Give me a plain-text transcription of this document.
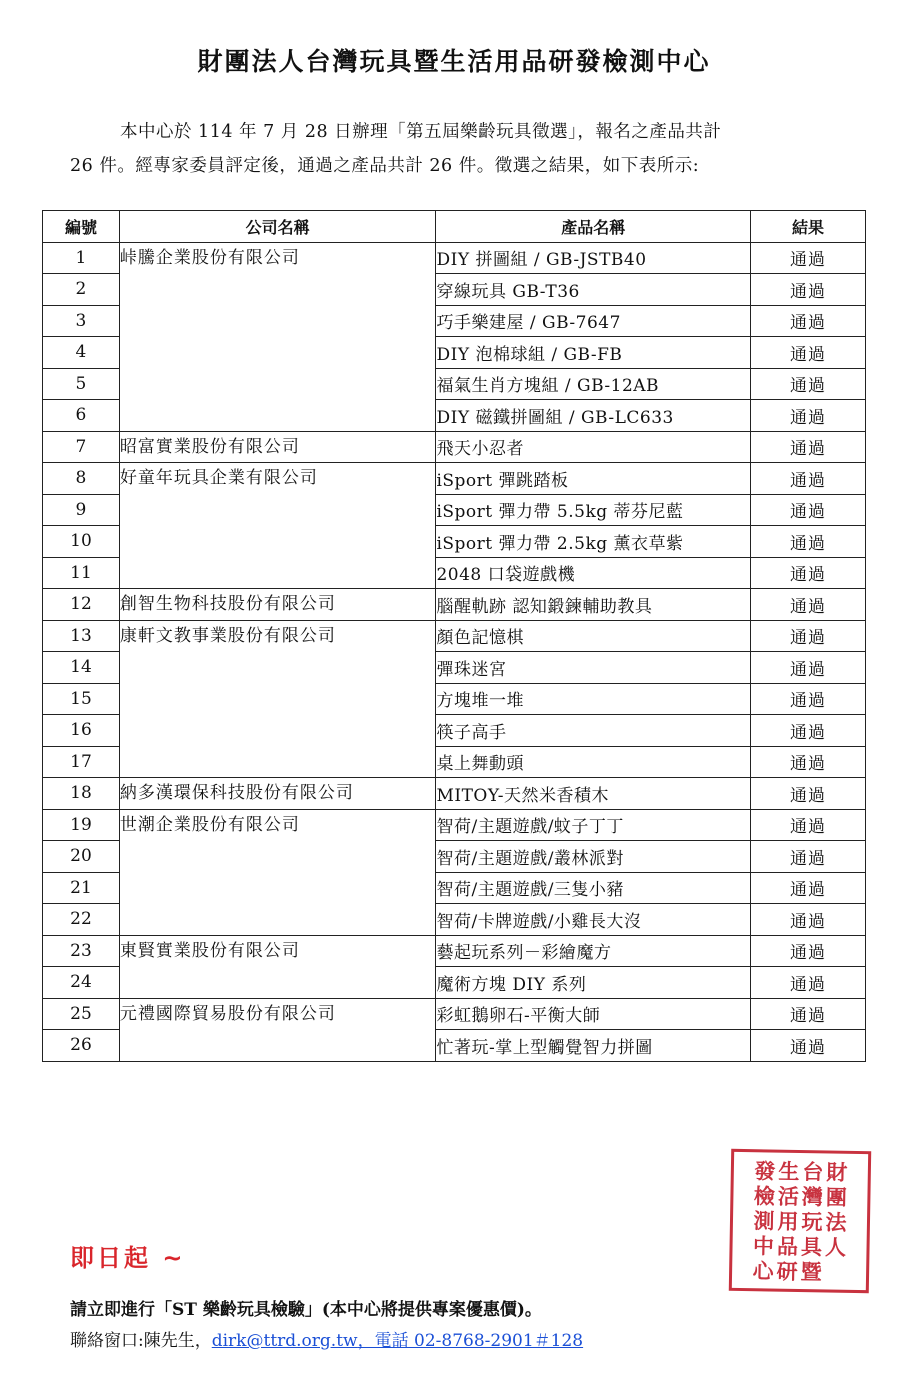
財團法人台灣玩具暨生活用品研發檢測中心
本中心於 114 年 7 月 28 日辦理「第五屆樂齡玩具徵選」，報名之產品共計
26 件。經專家委員評定後，通過之產品共計 26 件。徵選之結果，如下表所示:
編號	公司名稱	產品名稱	結果
1	峠騰企業股份有限公司	DIY 拼圖組 / GB-JSTB40	通過
2		穿線玩具 GB-T36	通過
3		巧手樂建屋 / GB-7647	通過
4		DIY 泡棉球組 / GB-FB	通過
5		福氣生肖方塊組 / GB-12AB	通過
6		DIY 磁鐵拼圖組 / GB-LC633	通過
7	昭富實業股份有限公司	飛天小忍者	通過
8	好童年玩具企業有限公司	iSport 彈跳踏板	通過
9		iSport 彈力帶 5.5kg 蒂芬尼藍	通過
10		iSport 彈力帶 2.5kg 薰衣草紫	通過
11		2048 口袋遊戲機	通過
12	創智生物科技股份有限公司	腦醒軌跡 認知鍛鍊輔助教具	通過
13	康軒文教事業股份有限公司	顏色記憶棋	通過
14		彈珠迷宮	通過
15		方塊堆一堆	通過
16		筷子高手	通過
17		桌上舞動頭	通過
18	納多漢環保科技股份有限公司	MITOY-天然米香積木	通過
19	世潮企業股份有限公司	智荷/主題遊戲/蚊子丁丁	通過
20		智荷/主題遊戲/叢林派對	通過
21		智荷/主題遊戲/三隻小豬	通過
22		智荷/卡牌遊戲/小雞長大沒	通過
23	東賢實業股份有限公司	藝起玩系列－彩繪魔方	通過
24		魔術方塊 DIY 系列	通過
25	元禮國際貿易股份有限公司	彩虹鵝卵石-平衡大師	通過
26		忙著玩-掌上型觸覺智力拼圖	通過
財團法人
台灣玩具暨
生活用品研
發檢測中心
即日起 ~
請立即進行「ST 樂齡玩具檢驗」(本中心將提供專案優惠價)。
聯絡窗口:陳先生，dirk@ttrd.org.tw，電話 02-8768-2901＃128
